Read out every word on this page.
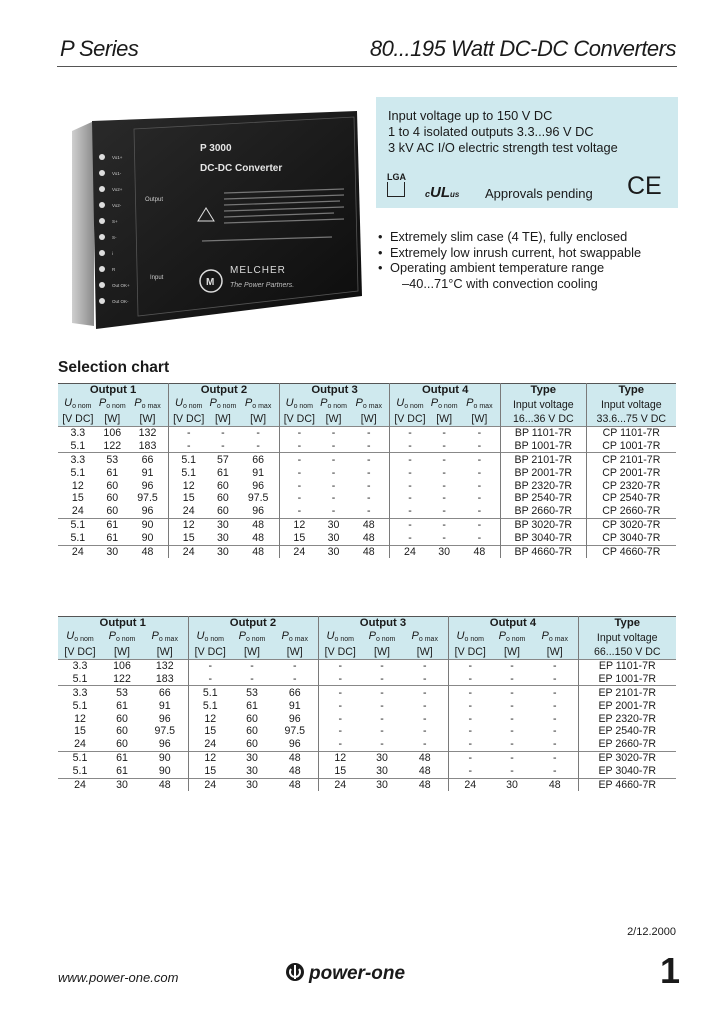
P Series	80...195 Watt DC-DC Converters
Vo1+
Vo1-
Vo2+
Vo2-
S+
S-
i
R
Out OK+
Out OK-
Output
Input
P 3000
DC-DC Converter
M
MELCHER
The Power Partners.
Input voltage up to 150 V DC
1 to 4 isolated outputs 3.3...96 V DC
3 kV AC I/O electric strength test voltage
LGA
cULus Approvals pending CE
• Extremely slim case (4 TE), fully enclosed
• Extremely low inrush current, hot swappable
• Operating ambient temperature range
–40...71°C with convection cooling
Selection chart
Output 1			Output 2			Output 3			Output 4			Type	Type
$U_{o nom}$	$P_{o nom}$	$P_{o max}$	$U_{o nom}$	$P_{o nom}$	$P_{o max}$	$U_{o nom}$	$P_{o nom}$	$P_{o max}$	$U_{o nom}$	$P_{o nom}$	$P_{o max}$	Input voltage	Input voltage
[V DC]	[W]	[W]	[V DC]	[W]	[W]	[V DC]	[W]	[W]	[V DC]	[W]	[W]	16...36 V DC	33.6...75 V DC
3.3	106	132	-	-	-	-	-	-	-	-	-	BP 1101-7R	CP 1101-7R
5.1	122	183	-	-	-	-	-	-	-	-	-	BP 1001-7R	CP 1001-7R
3.3	53	66	5.1	57	66	-	-	-	-	-	-	BP 2101-7R	CP 2101-7R
5.1	61	91	5.1	61	91	-	-	-	-	-	-	BP 2001-7R	CP 2001-7R
12	60	96	12	60	96	-	-	-	-	-	-	BP 2320-7R	CP 2320-7R
15	60	97.5	15	60	97.5	-	-	-	-	-	-	BP 2540-7R	CP 2540-7R
24	60	96	24	60	96	-	-	-	-	-	-	BP 2660-7R	CP 2660-7R
5.1	61	90	12	30	48	12	30	48	-	-	-	BP 3020-7R	CP 3020-7R
5.1	61	90	15	30	48	15	30	48	-	-	-	BP 3040-7R	CP 3040-7R
24	30	48	24	30	48	24	30	48	24	30	48	BP 4660-7R	CP 4660-7R
Output 1			Output 2			Output 3			Output 4			Type
$U_{o nom}$	$P_{o nom}$	$P_{o max}$	$U_{o nom}$	$P_{o nom}$	$P_{o max}$	$U_{o nom}$	$P_{o nom}$	$P_{o max}$	$U_{o nom}$	$P_{o nom}$	$P_{o max}$	Input voltage
[V DC]	[W]	[W]	[V DC]	[W]	[W]	[V DC]	[W]	[W]	[V DC]	[W]	[W]	66...150 V DC
3.3	106	132	-	-	-	-	-	-	-	-	-	EP 1101-7R
5.1	122	183	-	-	-	-	-	-	-	-	-	EP 1001-7R
3.3	53	66	5.1	53	66	-	-	-	-	-	-	EP 2101-7R
5.1	61	91	5.1	61	91	-	-	-	-	-	-	EP 2001-7R
12	60	96	12	60	96	-	-	-	-	-	-	EP 2320-7R
15	60	97.5	15	60	97.5	-	-	-	-	-	-	EP 2540-7R
24	60	96	24	60	96	-	-	-	-	-	-	EP 2660-7R
5.1	61	90	12	30	48	12	30	48	-	-	-	EP 3020-7R
5.1	61	90	15	30	48	15	30	48	-	-	-	EP 3040-7R
24	30	48	24	30	48	24	30	48	24	30	48	EP 4660-7R
2/12.2000
www.power-one.com	power-one	1
